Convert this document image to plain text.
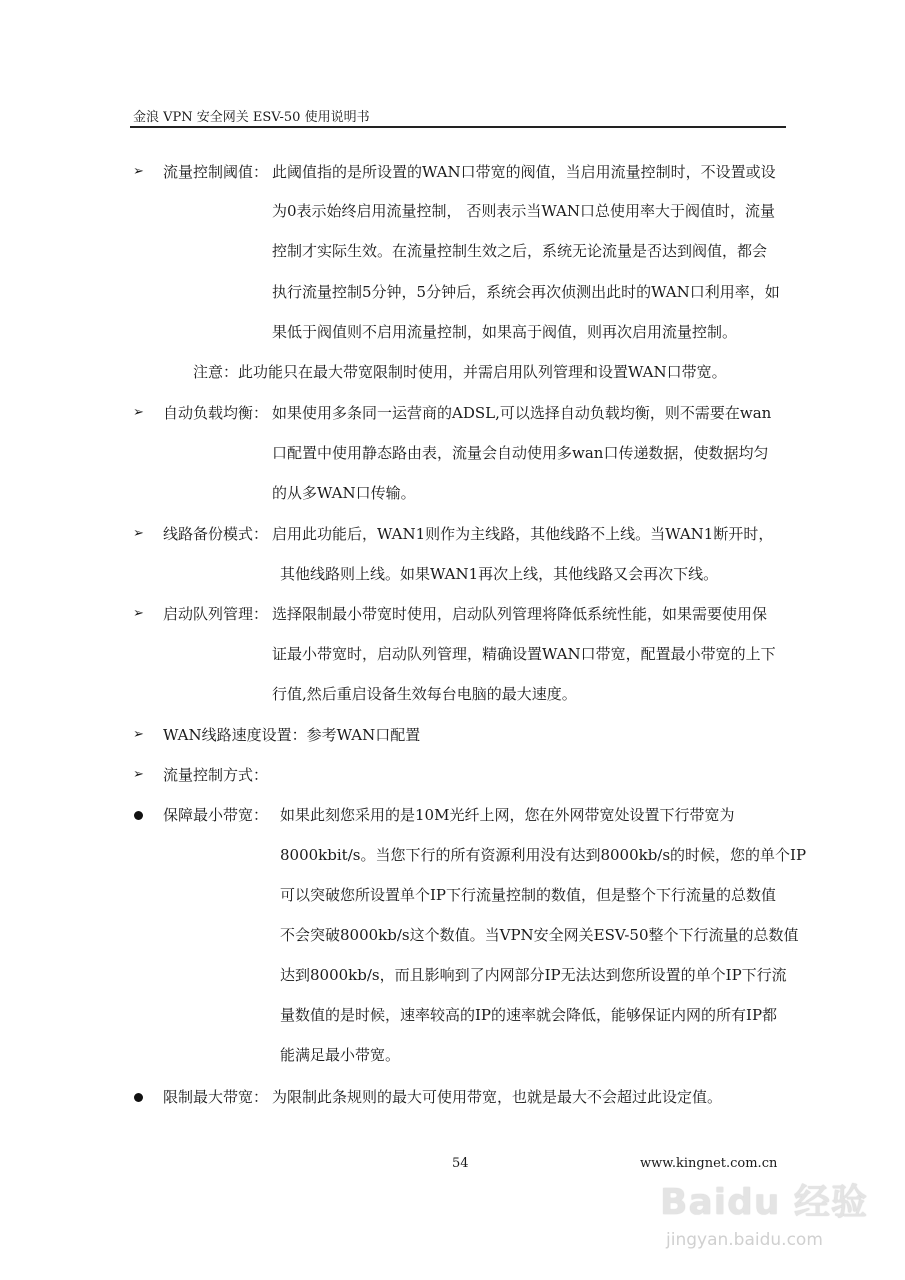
金浪 VPN 安全网关 ESV-50 使用说明书
➢ 流量控制阈值： 此阈值指的是所设置的WAN口带宽的阀值，当启用流量控制时，不设置或设
为0表示始终启用流量控制， 否则表示当WAN口总使用率大于阀值时，流量
控制才实际生效。在流量控制生效之后，系统无论流量是否达到阀值，都会
执行流量控制5分钟，5分钟后，系统会再次侦测出此时的WAN口利用率，如
果低于阀值则不启用流量控制，如果高于阀值，则再次启用流量控制。
注意：此功能只在最大带宽限制时使用，并需启用队列管理和设置WAN口带宽。
➢ 自动负载均衡： 如果使用多条同一运营商的ADSL,可以选择自动负载均衡，则不需要在wan
口配置中使用静态路由表，流量会自动使用多wan口传递数据，使数据均匀
的从多WAN口传输。
➢ 线路备份模式： 启用此功能后，WAN1则作为主线路，其他线路不上线。当WAN1断开时，
其他线路则上线。如果WAN1再次上线，其他线路又会再次下线。
➢ 启动队列管理： 选择限制最小带宽时使用，启动队列管理将降低系统性能，如果需要使用保
证最小带宽时，启动队列管理，精确设置WAN口带宽，配置最小带宽的上下
行值,然后重启设备生效每台电脑的最大速度。
➢ WAN线路速度设置：参考WAN口配置
➢ 流量控制方式：
保障最小带宽： 如果此刻您采用的是10M光纤上网，您在外网带宽处设置下行带宽为
8000kbit/s。当您下行的所有资源利用没有达到8000kb/s的时候，您的单个IP
可以突破您所设置单个IP下行流量控制的数值，但是整个下行流量的总数值
不会突破8000kb/s这个数值。当VPN安全网关ESV-50整个下行流量的总数值
达到8000kb/s，而且影响到了内网部分IP无法达到您所设置的单个IP下行流
量数值的是时候，速率较高的IP的速率就会降低，能够保证内网的所有IP都
能满足最小带宽。
限制最大带宽： 为限制此条规则的最大可使用带宽，也就是最大不会超过此设定值。
54	www.kingnet.com.cn
Baidu 经验
jingyan.baidu.com
